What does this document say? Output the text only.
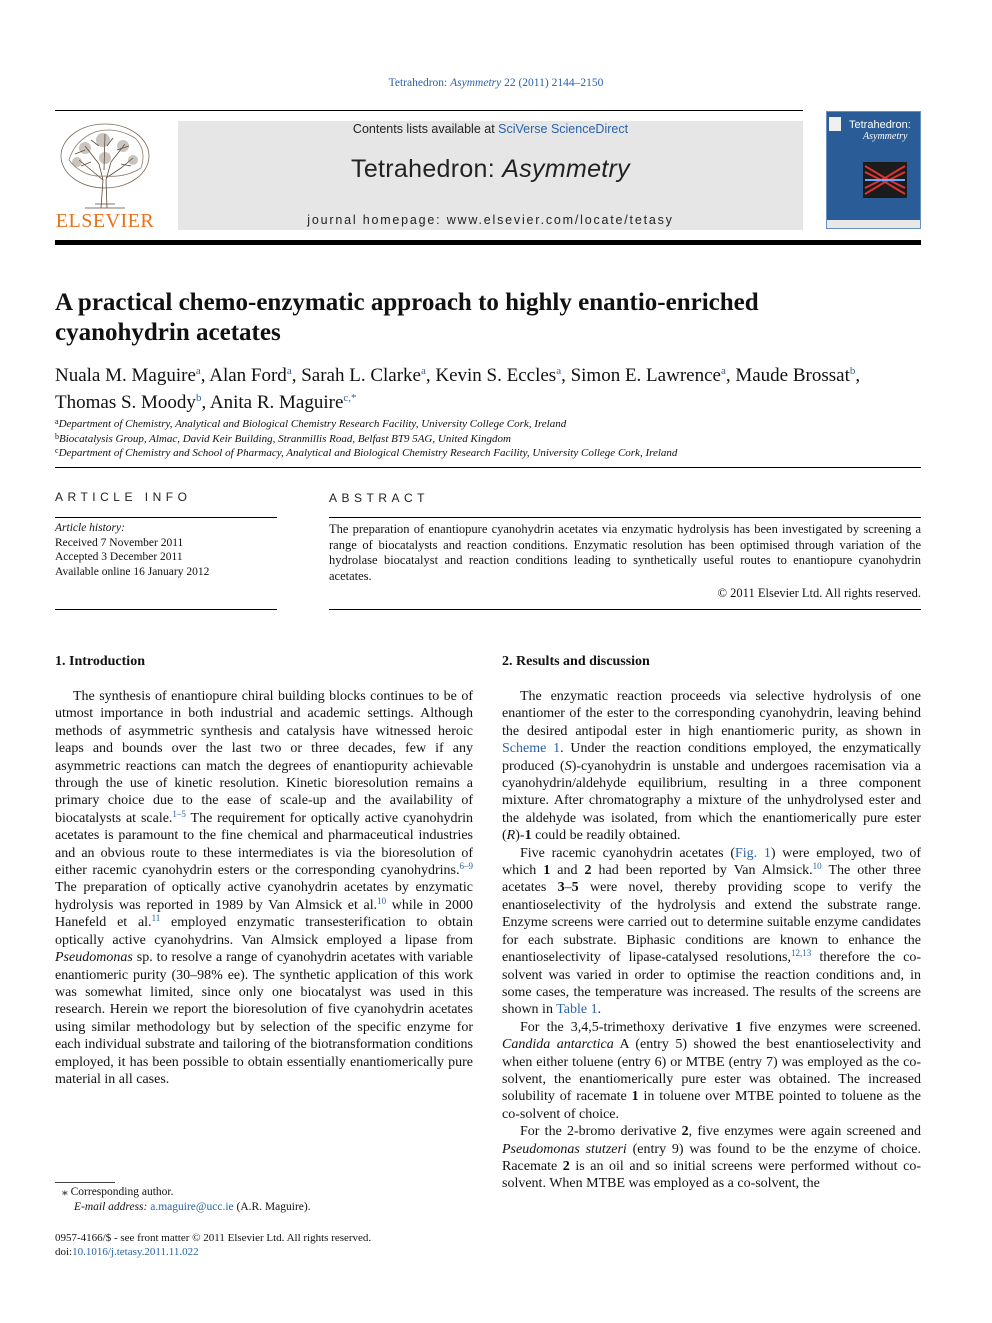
Tetrahedron: Asymmetry 22 (2011) 2144–2150
ELSEVIER
Contents lists available at SciVerse ScienceDirect
Tetrahedron: Asymmetry
journal homepage: www.elsevier.com/locate/tetasy
Tetrahedron:
Asymmetry
A practical chemo-enzymatic approach to highly enantio-enriched
cyanohydrin acetates
Nuala M. Maguire$^a$, Alan Ford$^a$, Sarah L. Clarke$^a$, Kevin S. Eccles$^a$, Simon E. Lawrence$^a$, Maude Brossat$^b$,
Thomas S. Moody$^b$, Anita R. Maguire$^{c,*}$
$^a$Department of Chemistry, Analytical and Biological Chemistry Research Facility, University College Cork, Ireland
$^b$Biocatalysis Group, Almac, David Keir Building, Stranmillis Road, Belfast BT9 5AG, United Kingdom
$^c$Department of Chemistry and School of Pharmacy, Analytical and Biological Chemistry Research Facility, University College Cork, Ireland
ARTICLE INFO
Article history:
Received 7 November 2011
Accepted 3 December 2011
Available online 16 January 2012
ABSTRACT
The preparation of enantiopure cyanohydrin acetates via enzymatic hydrolysis has been investigated by screening a range of biocatalysts and reaction conditions. Enzymatic resolution has been optimised through variation of the hydrolase biocatalyst and reaction conditions leading to synthetically useful routes to enantiopure cyanohydrin acetates.
© 2011 Elsevier Ltd. All rights reserved.
1. Introduction	2. Results and discussion

The synthesis of enantiopure chiral building blocks continues to be of utmost importance in both industrial and academic settings. Although methods of asymmetric synthesis and catalysis have witnessed heroic leaps and bounds over the last two or three decades, few if any asymmetric reactions can match the degrees of enantiopurity achievable through the use of kinetic resolution. Kinetic bioresolution remains a primary choice due to the ease of scale-up and the availability of biocatalysts at scale.$^{1-5}$ The requirement for optically active cyanohydrin acetates is paramount to the fine chemical and pharmaceutical industries and an obvious route to these intermediates is via the bioresolution of either racemic cyanohydrin esters or the corresponding cyanohydrins.$^{6-9}$ The preparation of optically active cyanohydrin acetates by enzymatic hydrolysis was reported in 1989 by Van Almsick et al.$^{10}$ while in 2000 Hanefeld et al.$^{11}$ employed enzymatic transesterification to obtain optically active cyanohydrins. Van Almsick employed a lipase from Pseudomonas sp. to resolve a range of cyanohydrin acetates with variable enantiomeric purity (30–98% ee). The synthetic application of this work was somewhat limited, since only one biocatalyst was used in this research. Herein we report the bioresolution of five cyanohydrin acetates using similar methodology but by selection of the specific enzyme for each individual substrate and tailoring of the biotransformation conditions employed, it has been possible to obtain essentially enantiomerically pure material in all cases.

The enzymatic reaction proceeds via selective hydrolysis of one enantiomer of the ester to the corresponding cyanohydrin, leaving behind the desired antipodal ester in high enantiomeric purity, as shown in Scheme 1. Under the reaction conditions employed, the enzymatically produced (S)-cyanohydrin is unstable and undergoes racemisation via a cyanohydrin/aldehyde equilibrium, resulting in a three component mixture. After chromatography a mixture of the unhydrolysed ester and the aldehyde was isolated, from which the enantiomerically pure ester (R)-1 could be readily obtained.

Five racemic cyanohydrin acetates (Fig. 1) were employed, two of which 1 and 2 had been reported by Van Almsick.$^{10}$ The other three acetates 3–5 were novel, thereby providing scope to verify the enantioselectivity of the hydrolysis and extend the substrate range. Enzyme screens were carried out to determine suitable enzyme candidates for each substrate. Biphasic conditions are known to enhance the enantioselectivity of lipase-catalysed resolutions,$^{12,13}$ therefore the co-solvent was varied in order to optimise the reaction conditions and, in some cases, the temperature was increased. The results of the screens are shown in Table 1.

For the 3,4,5-trimethoxy derivative 1 five enzymes were screened. Candida antarctica A (entry 5) showed the best enantioselectivity and when either toluene (entry 6) or MTBE (entry 7) was employed as the co-solvent, the enantiomerically pure ester was obtained. The increased solubility of racemate 1 in toluene over MTBE pointed to toluene as the co-solvent of choice.

For the 2-bromo derivative 2, five enzymes were again screened and Pseudomonas stutzeri (entry 9) was found to be the enzyme of choice. Racemate 2 is an oil and so initial screens were performed without co-solvent. When MTBE was employed as a co-solvent, the

⁎ Corresponding author.
E-mail address: a.maguire@ucc.ie (A.R. Maguire).
0957-4166/$ - see front matter © 2011 Elsevier Ltd. All rights reserved.
doi:10.1016/j.tetasy.2011.11.022
